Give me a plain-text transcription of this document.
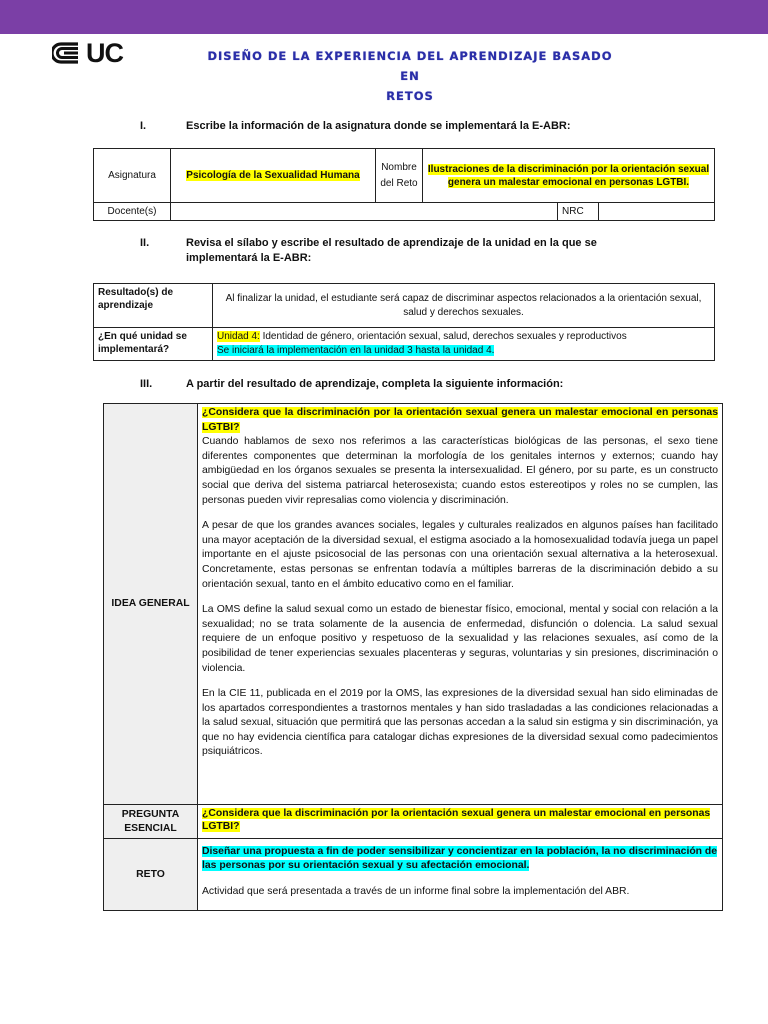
UC	DISEÑO DE LA EXPERIENCIA DEL APRENDIZAJE BASADO
EN
RETOS
I.	Escribe la información de la asignatura donde se implementará la E-ABR:
Asignatura	Psicología de la Sexualidad Humana	Nombre del Reto	Ilustraciones de la discriminación por la orientación sexual genera un malestar emocional en personas LGTBI.
Docente(s)	NRC		
II.	Revisa el sílabo y escribe el resultado de aprendizaje de la unidad en la que se implementará la E-ABR:
Resultado(s) de aprendizaje	Al finalizar la unidad, el estudiante será capaz de discriminar aspectos relacionados a la orientación sexual, salud y derechos sexuales.
¿En qué unidad se implementará?	Unidad 4: Identidad de género, orientación sexual, salud, derechos sexuales y reproductivos
Se iniciará la implementación en la unidad 3 hasta la unidad 4.
III.	A partir del resultado de aprendizaje, completa la siguiente información:
IDEA GENERAL	¿Considera que la discriminación por la orientación sexual genera un malestar emocional en personas LGTBI?

Cuando hablamos de sexo nos referimos a las características biológicas de las personas, el sexo tiene diferentes componentes que determinan la morfología de los genitales internos y externos; cuando hay ambigüedad en los órganos sexuales se presenta la intersexualidad. El género, por su parte, es un constructo social que deriva del sistema patriarcal heterosexista; cuando estos estereotipos y roles no se cumplen, las personas pueden vivir represalias como violencia y discriminación.

A pesar de que los grandes avances sociales, legales y culturales realizados en algunos países han facilitado una mayor aceptación de la diversidad sexual, el estigma asociado a la homosexualidad todavía juega un papel importante en el ajuste psicosocial de las personas con una orientación sexual alternativa a la heterosexual. Concretamente, estas personas se enfrentan todavía a múltiples barreras de la discriminación debido a su orientación sexual, tanto en el ámbito educativo como en el familiar.

La OMS define la salud sexual como un estado de bienestar físico, emocional, mental y social con relación a la sexualidad; no se trata solamente de la ausencia de enfermedad, disfunción o dolencia. La salud sexual requiere de un enfoque positivo y respetuoso de la sexualidad y las relaciones sexuales, así como de la posibilidad de tener experiencias sexuales placenteras y seguras, voluntarias y sin presiones, discriminación o violencia.

En la CIE 11, publicada en el 2019 por la OMS, las expresiones de la diversidad sexual han sido eliminadas de los apartados correspondientes a trastornos mentales y han sido trasladadas a las condiciones relacionadas a la salud sexual, situación que permitirá que las personas accedan a la salud sin estigma y sin discriminación, ya que no hay evidencia científica para catalogar dichas expresiones de la diversidad sexual como padecimientos psiquiátricos.

PREGUNTA ESENCIAL	¿Considera que la discriminación por la orientación sexual genera un malestar emocional en personas LGTBI?
RETO	Diseñar una propuesta a fin de poder sensibilizar y concientizar en la población, la no discriminación de las personas por su orientación sexual y su afectación emocional.
Actividad que será presentada a través de un informe final sobre la implementación del ABR.
